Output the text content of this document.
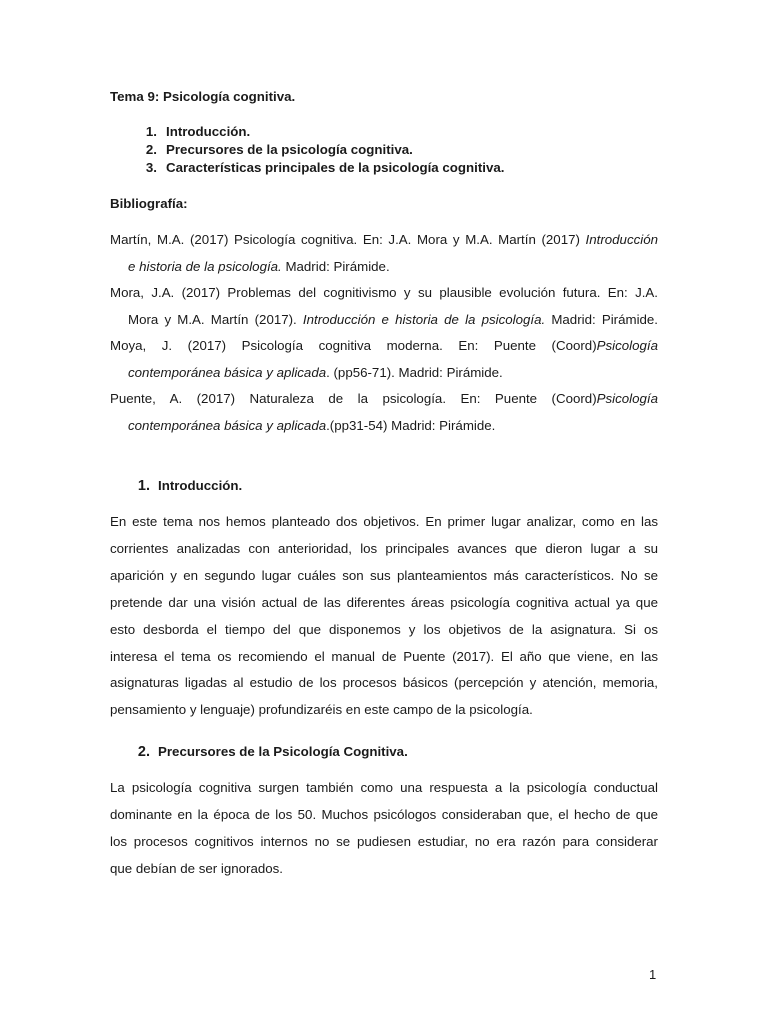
Tema 9: Psicología cognitiva.
1. Introducción.
2. Precursores de la psicología cognitiva.
3. Características principales de la psicología cognitiva.
Bibliografía:

Martín, M.A. (2017) Psicología cognitiva. En: J.A. Mora y M.A. Martín (2017) Introducción
e historia de la psicología. Madrid: Pirámide.

Mora, J.A. (2017) Problemas del cognitivismo y su plausible evolución futura. En: J.A.
Mora y M.A. Martín (2017). Introducción e historia de la psicología. Madrid: Pirámide.

Moya, J. (2017) Psicología cognitiva moderna. En: Puente (Coord)Psicología
contemporánea básica y aplicada. (pp56-71). Madrid: Pirámide.

Puente, A. (2017) Naturaleza de la psicología. En: Puente (Coord)Psicología
contemporánea básica y aplicada.(pp31-54) Madrid: Pirámide.

1. Introducción.
En este tema nos hemos planteado dos objetivos. En primer lugar analizar, como en las
corrientes analizadas con anterioridad, los principales avances que dieron lugar a su
aparición y en segundo lugar cuáles son sus planteamientos más característicos. No se
pretende dar una visión actual de las diferentes áreas psicología cognitiva actual ya que
esto desborda el tiempo del que disponemos y los objetivos de la asignatura. Si os
interesa el tema os recomiendo el manual de Puente (2017). El año que viene, en las
asignaturas ligadas al estudio de los procesos básicos (percepción y atención, memoria,
pensamiento y lenguaje) profundizaréis en este campo de la psicología.
2. Precursores de la Psicología Cognitiva.
La psicología cognitiva surgen también como una respuesta a la psicología conductual
dominante en la época de los 50. Muchos psicólogos consideraban que, el hecho de que
los procesos cognitivos internos no se pudiesen estudiar, no era razón para considerar
que debían de ser ignorados.
1
